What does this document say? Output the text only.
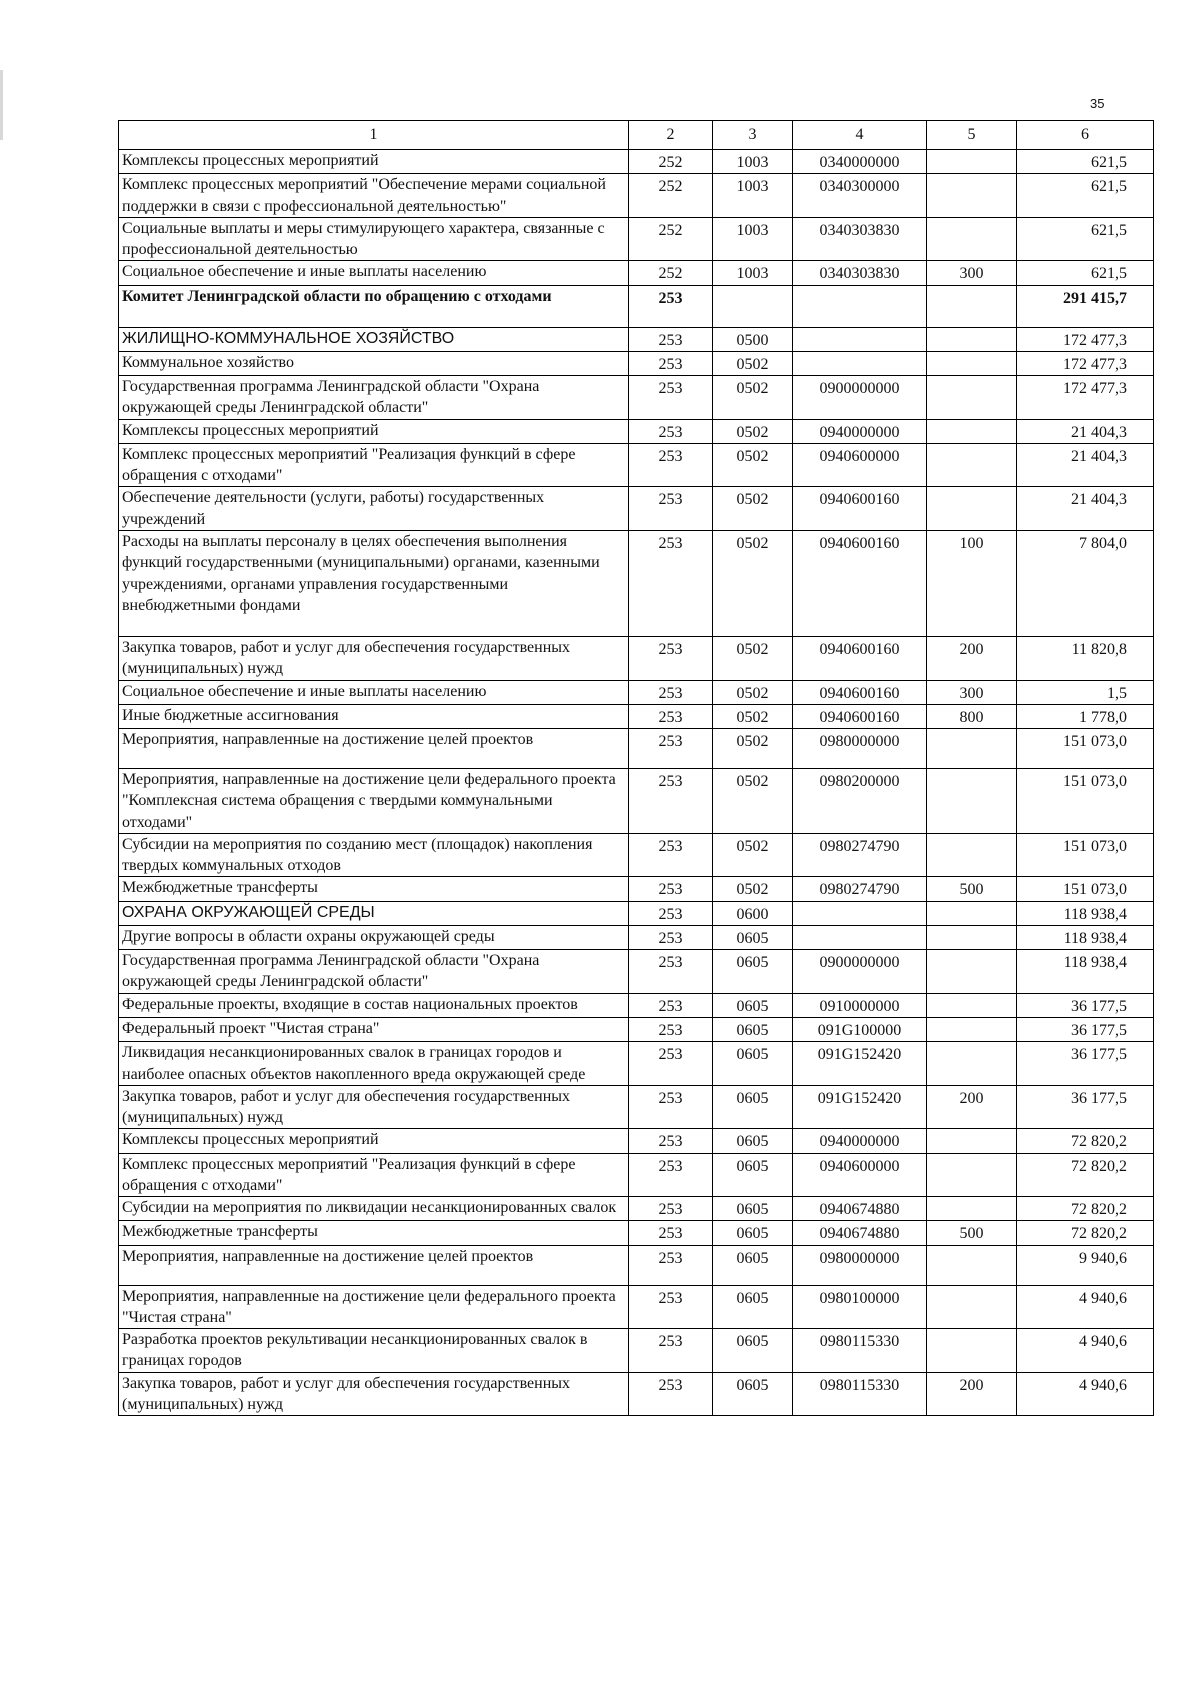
35
1	2	3	4	5	6
Комплексы процессных мероприятий	252	1003	0340000000		621,5
Комплекс процессных мероприятий "Обеспечение мерами социальной поддержки в связи с профессиональной деятельностью"	252	1003	0340300000		621,5
Социальные выплаты и меры стимулирующего характера, связанные с профессиональной деятельностью	252	1003	0340303830		621,5
Социальное обеспечение и иные выплаты населению	252	1003	0340303830	300	621,5
Комитет Ленинградской области по обращению с отходами	253				291 415,7
ЖИЛИЩНО-КОММУНАЛЬНОЕ ХОЗЯЙСТВО	253	0500			172 477,3
Коммунальное хозяйство	253	0502			172 477,3
Государственная программа Ленинградской области "Охрана окружающей среды Ленинградской области"	253	0502	0900000000		172 477,3
Комплексы процессных мероприятий	253	0502	0940000000		21 404,3
Комплекс процессных мероприятий "Реализация функций в сфере обращения с отходами"	253	0502	0940600000		21 404,3
Обеспечение деятельности (услуги, работы) государственных учреждений	253	0502	0940600160		21 404,3
Расходы на выплаты персоналу в целях обеспечения выполнения функций государственными (муниципальными) органами, казенными учреждениями, органами управления государственными внебюджетными фондами	253	0502	0940600160	100	7 804,0
Закупка товаров, работ и услуг для обеспечения государственных (муниципальных) нужд	253	0502	0940600160	200	11 820,8
Социальное обеспечение и иные выплаты населению	253	0502	0940600160	300	1,5
Иные бюджетные ассигнования	253	0502	0940600160	800	1 778,0
Мероприятия, направленные на достижение целей проектов	253	0502	0980000000		151 073,0
Мероприятия, направленные на достижение цели федерального проекта "Комплексная система обращения с твердыми коммунальными отходами"	253	0502	0980200000		151 073,0
Субсидии на мероприятия по созданию мест (площадок) накопления твердых коммунальных отходов	253	0502	0980274790		151 073,0
Межбюджетные трансферты	253	0502	0980274790	500	151 073,0
ОХРАНА ОКРУЖАЮЩЕЙ СРЕДЫ	253	0600			118 938,4
Другие вопросы в области охраны окружающей среды	253	0605			118 938,4
Государственная программа Ленинградской области "Охрана окружающей среды Ленинградской области"	253	0605	0900000000		118 938,4
Федеральные проекты, входящие в состав национальных проектов	253	0605	0910000000		36 177,5
Федеральный проект "Чистая страна"	253	0605	091G100000		36 177,5
Ликвидация несанкционированных свалок в границах городов и наиболее опасных объектов накопленного вреда окружающей среде	253	0605	091G152420		36 177,5
Закупка товаров, работ и услуг для обеспечения государственных (муниципальных) нужд	253	0605	091G152420	200	36 177,5
Комплексы процессных мероприятий	253	0605	0940000000		72 820,2
Комплекс процессных мероприятий "Реализация функций в сфере обращения с отходами"	253	0605	0940600000		72 820,2
Субсидии на мероприятия по ликвидации несанкционированных свалок	253	0605	0940674880		72 820,2
Межбюджетные трансферты	253	0605	0940674880	500	72 820,2
Мероприятия, направленные на достижение целей проектов	253	0605	0980000000		9 940,6
Мероприятия, направленные на достижение цели федерального проекта "Чистая страна"	253	0605	0980100000		4 940,6
Разработка проектов рекультивации несанкционированных свалок в границах городов	253	0605	0980115330		4 940,6
Закупка товаров, работ и услуг для обеспечения государственных (муниципальных) нужд	253	0605	0980115330	200	4 940,6
